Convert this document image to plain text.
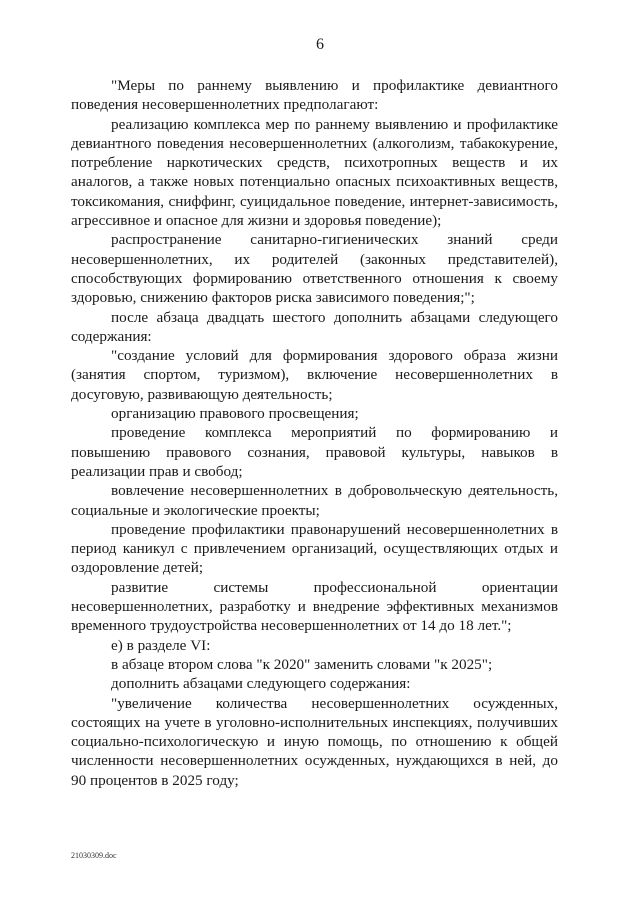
6

"Меры по раннему выявлению и профилактике девиантного поведения несовершеннолетних предполагают:

реализацию комплекса мер по раннему выявлению и профилактике девиантного поведения несовершеннолетних (алкоголизм, табакокурение, потребление наркотических средств, психотропных веществ и их аналогов, а также новых потенциально опасных психоактивных веществ, токсикомания, сниффинг, суицидальное поведение, интернет-зависимость, агрессивное и опасное для жизни и здоровья поведение);

распространение санитарно-гигиенических знаний среди несовершеннолетних, их родителей (законных представителей), способствующих формированию ответственного отношения к своему здоровью, снижению факторов риска зависимого поведения;";

после абзаца двадцать шестого дополнить абзацами следующего содержания:

"создание условий для формирования здорового образа жизни (занятия спортом, туризмом), включение несовершеннолетних в досуговую, развивающую деятельность;

организацию правового просвещения;

проведение комплекса мероприятий по формированию и повышению правового сознания, правовой культуры, навыков в реализации прав и свобод;

вовлечение несовершеннолетних в добровольческую деятельность, социальные и экологические проекты;

проведение профилактики правонарушений несовершеннолетних в период каникул с привлечением организаций, осуществляющих отдых и оздоровление детей;

развитие системы профессиональной ориентации несовершеннолетних, разработку и внедрение эффективных механизмов временного трудоустройства несовершеннолетних от 14 до 18 лет.";

е) в разделе VI:

в абзаце втором слова "к 2020" заменить словами "к 2025";

дополнить абзацами следующего содержания:

"увеличение количества несовершеннолетних осужденных, состоящих на учете в уголовно-исполнительных инспекциях, получивших социально-психологическую и иную помощь, по отношению к общей численности несовершеннолетних осужденных, нуждающихся в ней, до 90 процентов в 2025 году;

21030309.doc
